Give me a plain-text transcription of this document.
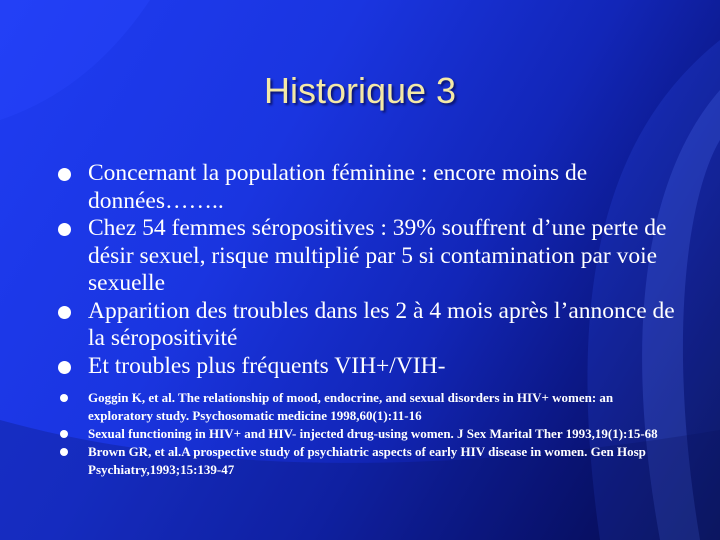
Historique 3
Concernant la population féminine : encore moins de données……..
Chez 54 femmes séropositives : 39% souffrent d’une perte de désir sexuel, risque multiplié par 5 si contamination par voie sexuelle
Apparition des troubles dans les 2 à 4 mois après l’annonce de la séropositivité
Et troubles plus fréquents VIH+/VIH-
Goggin K, et al. The relationship of mood, endocrine, and sexual disorders in HIV+ women: an exploratory study. Psychosomatic medicine 1998,60(1):11-16
Sexual functioning in HIV+ and HIV- injected drug-using women. J Sex Marital Ther 1993,19(1):15-68
Brown GR, et al.A prospective study of psychiatric aspects of early HIV disease in women. Gen Hosp Psychiatry,1993;15:139-47
